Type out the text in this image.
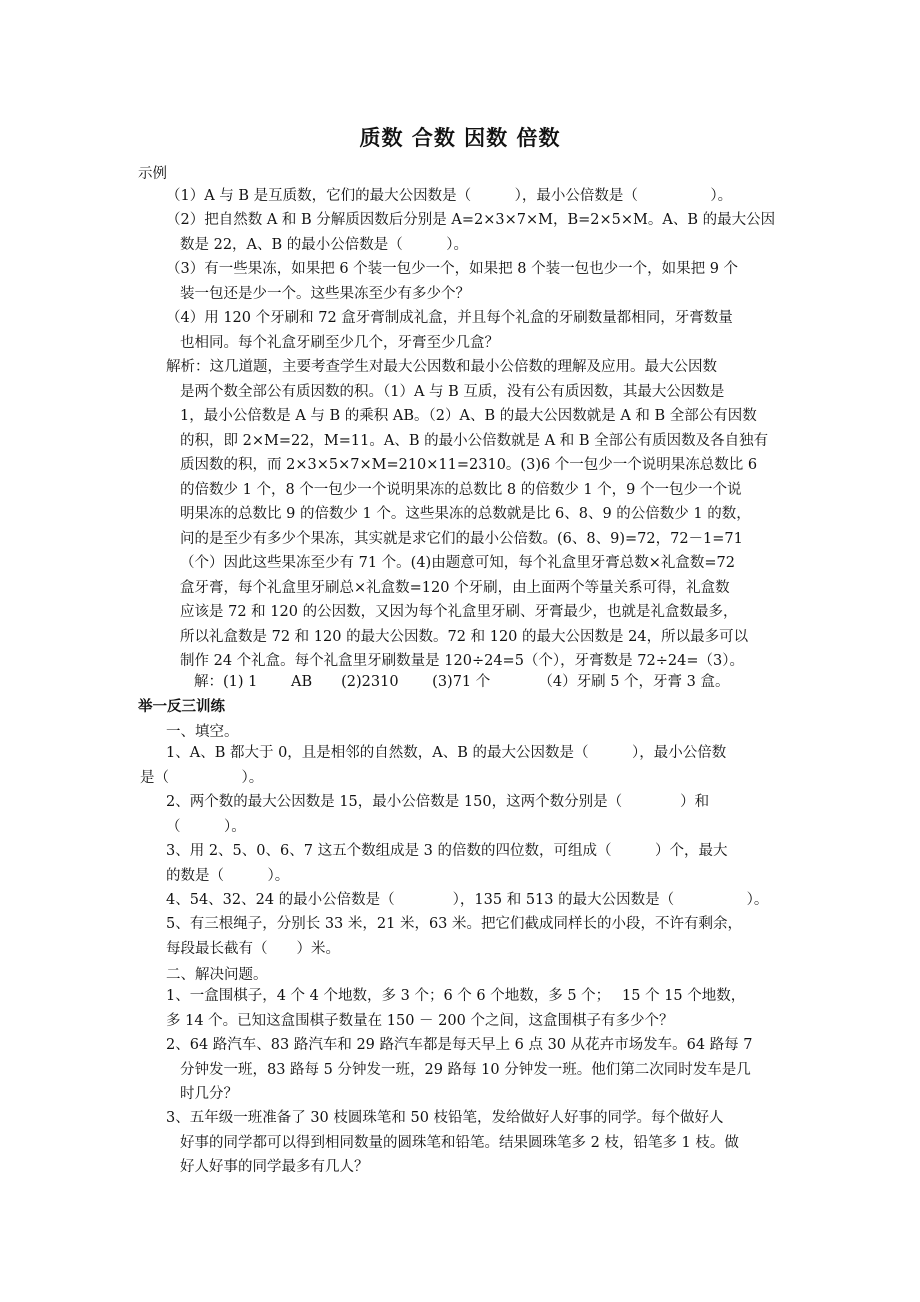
质数 合数 因数 倍数
示例
（1）A 与 B 是互质数，它们的最大公因数是（　　　），最小公倍数是（　　　　　）。
（2）把自然数 A 和 B 分解质因数后分别是 A=2×3×7×M，B=2×5×M。A、B 的最大公因
数是 22，A、B 的最小公倍数是（　　　）。
（3）有一些果冻，如果把 6 个装一包少一个，如果把 8 个装一包也少一个，如果把 9 个
装一包还是少一个。这些果冻至少有多少个？
（4）用 120 个牙刷和 72 盒牙膏制成礼盒，并且每个礼盒的牙刷数量都相同，牙膏数量
也相同。每个礼盒牙刷至少几个，牙膏至少几盒？
解析：这几道题，主要考查学生对最大公因数和最小公倍数的理解及应用。最大公因数
是两个数全部公有质因数的积。（1）A 与 B 互质，没有公有质因数，其最大公因数是
1，最小公倍数是 A 与 B 的乘积 AB。（2）A、B 的最大公因数就是 A 和 B 全部公有因数
的积，即 2×M=22，M=11。A、B 的最小公倍数就是 A 和 B 全部公有质因数及各自独有
质因数的积，而 2×3×5×7×M=210×11=2310。(3)6 个一包少一个说明果冻总数比 6
的倍数少 1 个，8 个一包少一个说明果冻的总数比 8 的倍数少 1 个，9 个一包少一个说
明果冻的总数比 9 的倍数少 1 个。这些果冻的总数就是比 6、8、9 的公倍数少 1 的数，
问的是至少有多少个果冻，其实就是求它们的最小公倍数。(6、8、9)=72，72－1=71
（个）因此这些果冻至少有 71 个。(4)由题意可知，每个礼盒里牙膏总数×礼盒数=72
盒牙膏，每个礼盒里牙刷总×礼盒数=120 个牙刷，由上面两个等量关系可得，礼盒数
应该是 72 和 120 的公因数，又因为每个礼盒里牙刷、牙膏最少，也就是礼盒数最多，
所以礼盒数是 72 和 120 的最大公因数。72 和 120 的最大公因数是 24，所以最多可以
制作 24 个礼盒。每个礼盒里牙刷数量是 120÷24=5（个），牙膏数是 72÷24=（3）。
解：(1) 1　　 AB　　(2)2310　　 (3)71 个　　　 （4）牙刷 5 个，牙膏 3 盒。
举一反三训练
一、填空。
1、A、B 都大于 0，且是相邻的自然数，A、B 的最大公因数是（　　　），最小公倍数
是（　　　　　）。
2、两个数的最大公因数是 15，最小公倍数是 150，这两个数分别是（　　　　）和
（　　　）。
3、用 2、5、0、6、7 这五个数组成是 3 的倍数的四位数，可组成（　　　）个，最大
的数是（　　　）。
4、54、32、24 的最小公倍数是（　　　　），135 和 513 的最大公因数是（　　　　　）。
5、有三根绳子，分别长 33 米，21 米，63 米。把它们截成同样长的小段，不许有剩余，
每段最长截有（　　）米。
二、解决问题。
1、一盒围棋子，4 个 4 个地数，多 3 个；6 个 6 个地数，多 5 个；　 15 个 15 个地数，
多 14 个。已知这盒围棋子数量在 150 － 200 个之间，这盒围棋子有多少个？
2、64 路汽车、83 路汽车和 29 路汽车都是每天早上 6 点 30 从花卉市场发车。64 路每 7
分钟发一班，83 路每 5 分钟发一班，29 路每 10 分钟发一班。他们第二次同时发车是几
时几分？
3、五年级一班准备了 30 枝圆珠笔和 50 枝铅笔，发给做好人好事的同学。每个做好人
好事的同学都可以得到相同数量的圆珠笔和铅笔。结果圆珠笔多 2 枝，铅笔多 1 枝。做
好人好事的同学最多有几人？
